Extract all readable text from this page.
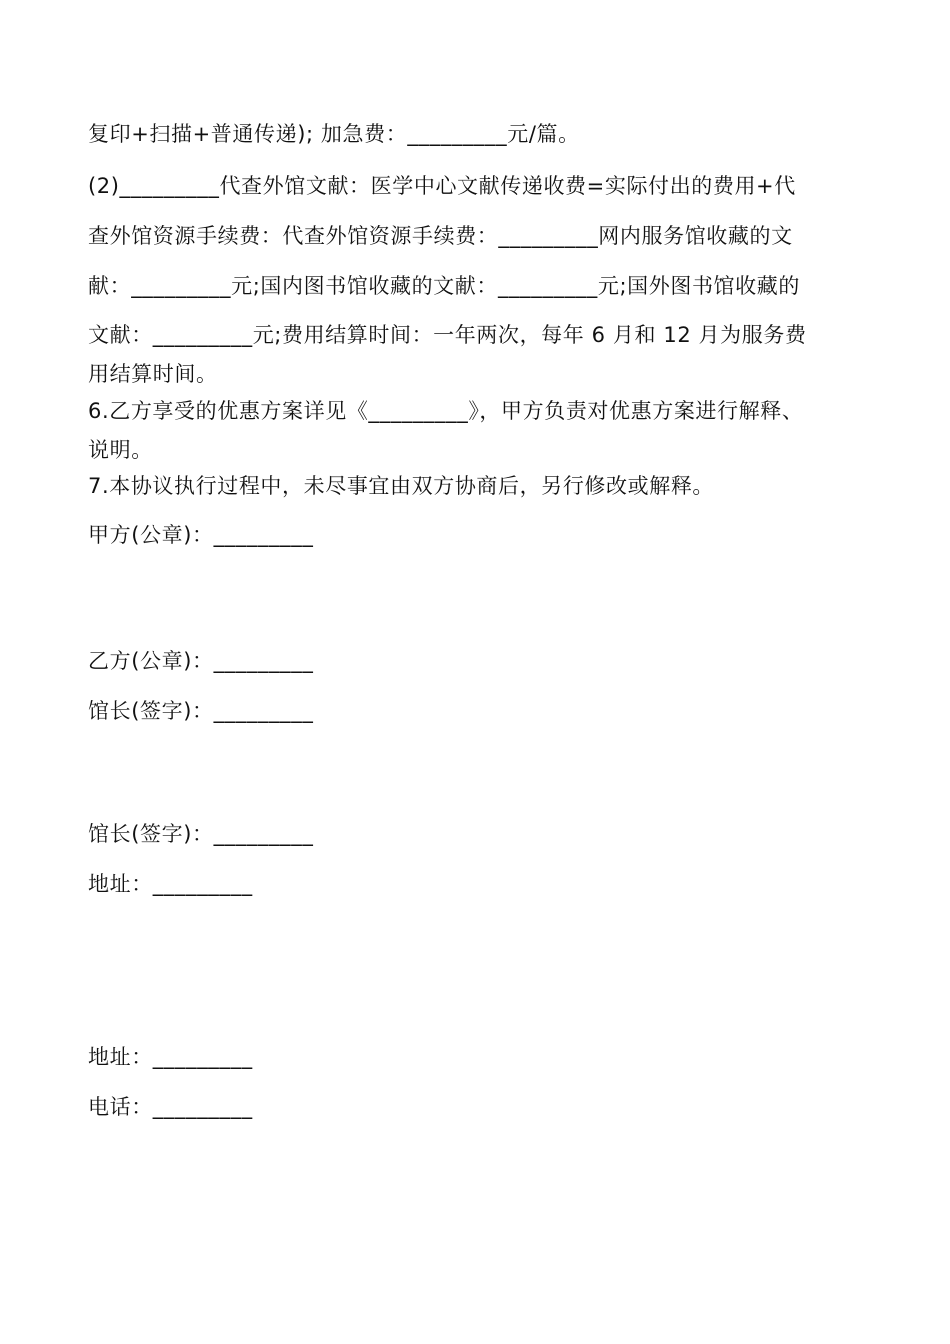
复印+扫描+普通传递); 加急费：_________元/篇。
(2)_________代查外馆文献：医学中心文献传递收费=实际付出的费用+代
查外馆资源手续费：代查外馆资源手续费：_________网内服务馆收藏的文
献：_________元;国内图书馆收藏的文献：_________元;国外图书馆收藏的
文献：_________元;费用结算时间：一年两次，每年 6 月和 12 月为服务费
用结算时间。
6.乙方享受的优惠方案详见《_________》，甲方负责对优惠方案进行解释、
说明。
7.本协议执行过程中，未尽事宜由双方协商后，另行修改或解释。
甲方(公章)：_________
乙方(公章)：_________
馆长(签字)：_________
馆长(签字)：_________
地址：_________
地址：_________
电话：_________
